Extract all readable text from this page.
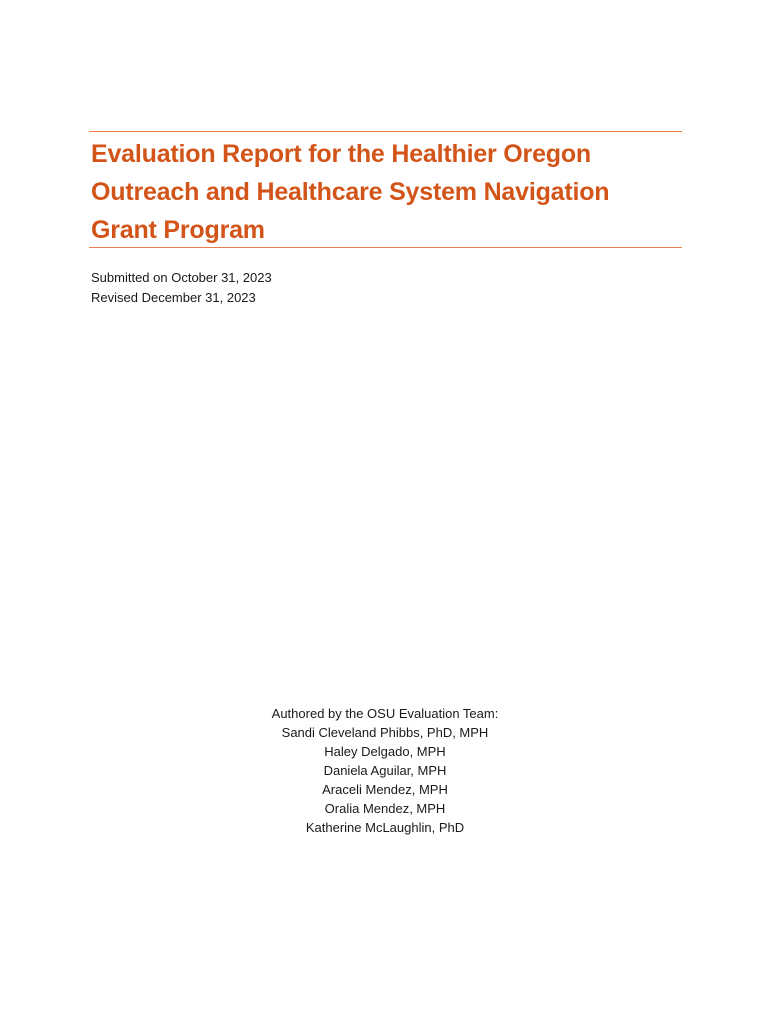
Evaluation Report for the Healthier Oregon
Outreach and Healthcare System Navigation
Grant Program
Submitted on October 31, 2023
Revised December 31, 2023
Authored by the OSU Evaluation Team:
Sandi Cleveland Phibbs, PhD, MPH
Haley Delgado, MPH
Daniela Aguilar, MPH
Araceli Mendez, MPH
Oralia Mendez, MPH
Katherine McLaughlin, PhD
